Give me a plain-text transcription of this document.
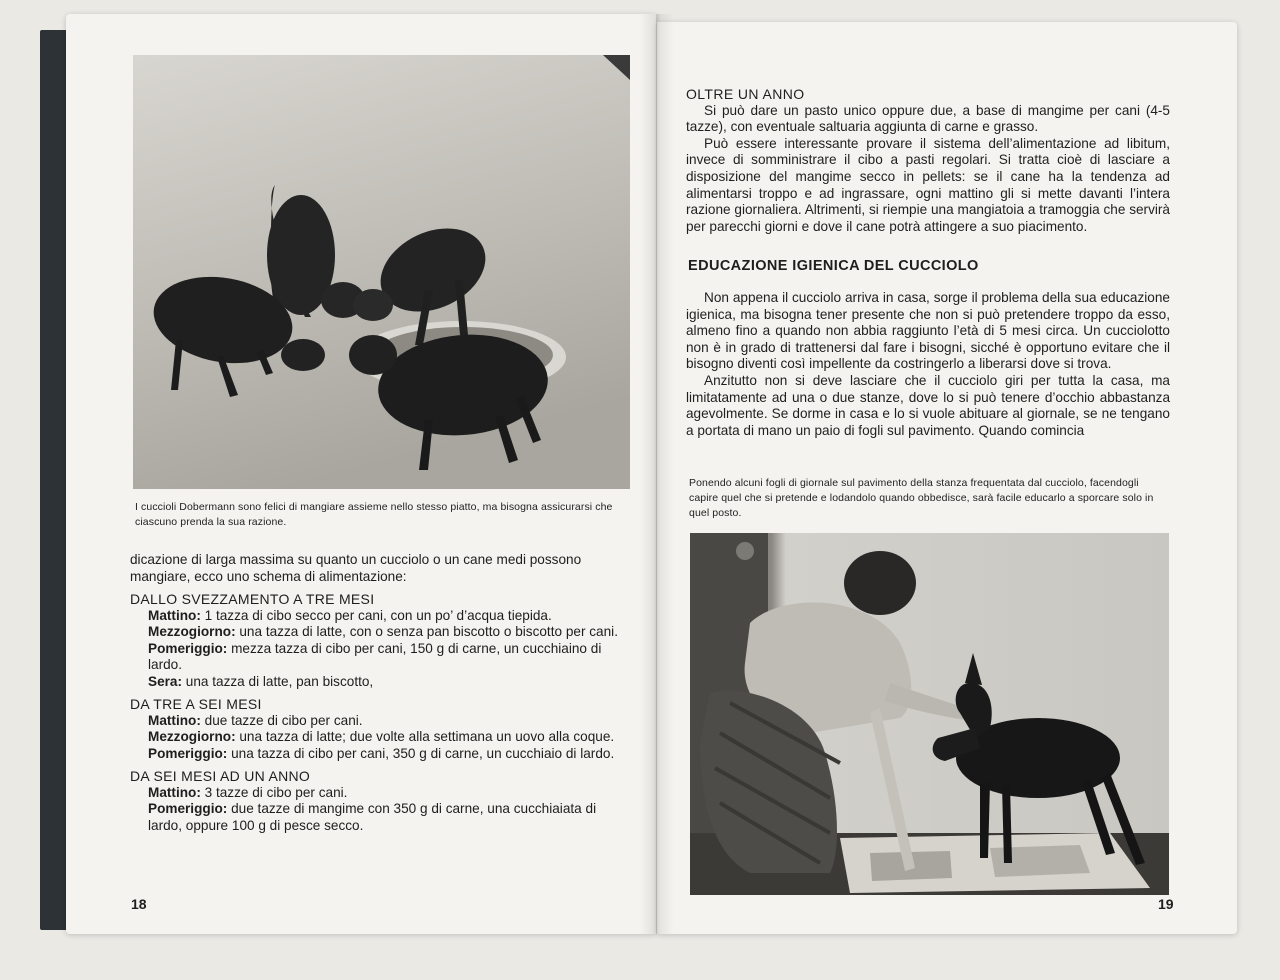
I cuccioli Dobermann sono felici di mangiare assieme nello stesso piatto, ma bisogna assicurarsi che ciascuno prenda la sua razione.

dicazione di larga massima su quanto un cucciolo o un cane medi possono mangiare, ecco uno schema di alimentazione:

DALLO SVEZZAMENTO A TRE MESI

Mattino: 1 tazza di cibo secco per cani, con un po’ d’acqua tiepida.

Mezzogiorno: una tazza di latte, con o senza pan biscotto o biscotto per cani.

Pomeriggio: mezza tazza di cibo per cani, 150 g di carne, un cucchiaino di lardo.

Sera: una tazza di latte, pan biscotto,

DA TRE A SEI MESI

Mattino: due tazze di cibo per cani.

Mezzogiorno: una tazza di latte; due volte alla settimana un uovo alla coque.

Pomeriggio: una tazza di cibo per cani, 350 g di carne, un cucchiaio di lardo.

DA SEI MESI AD UN ANNO

Mattino: 3 tazze di cibo per cani.

Pomeriggio: due tazze di mangime con 350 g di carne, una cucchiaiata di lardo, oppure 100 g di pesce secco.

18

OLTRE UN ANNO

Si può dare un pasto unico oppure due, a base di mangime per cani (4-5 tazze), con eventuale saltuaria aggiunta di carne e grasso.

Può essere interessante provare il sistema dell’alimentazione ad libitum, invece di somministrare il cibo a pasti regolari. Si tratta cioè di lasciare a disposizione del mangime secco in pellets: se il cane ha la tendenza ad alimentarsi troppo e ad ingrassare, ogni mattino gli si mette davanti l’intera razione giornaliera. Altrimenti, si riempie una mangiatoia a tramoggia che servirà per parecchi giorni e dove il cane potrà attingere a suo piacimento.

EDUCAZIONE IGIENICA DEL CUCCIOLO

Non appena il cucciolo arriva in casa, sorge il problema della sua educazione igienica, ma bisogna tener presente che non si può pretendere troppo da esso, almeno fino a quando non abbia raggiunto l’età di 5 mesi circa. Un cucciolotto non è in grado di trattenersi dal fare i bisogni, sicché è opportuno evitare che il bisogno diventi così impellente da costringerlo a liberarsi dove si trova.

Anzitutto non si deve lasciare che il cucciolo giri per tutta la casa, ma limitatamente ad una o due stanze, dove lo si può tenere d’occhio abbastanza agevolmente. Se dorme in casa e lo si vuole abituare al giornale, se ne tengano a portata di mano un paio di fogli sul pavimento. Quando comincia

Ponendo alcuni fogli di giornale sul pavimento della stanza frequentata dal cucciolo, facendogli capire quel che si pretende e lodandolo quando obbedisce, sarà facile educarlo a sporcare solo in quel posto.
19
